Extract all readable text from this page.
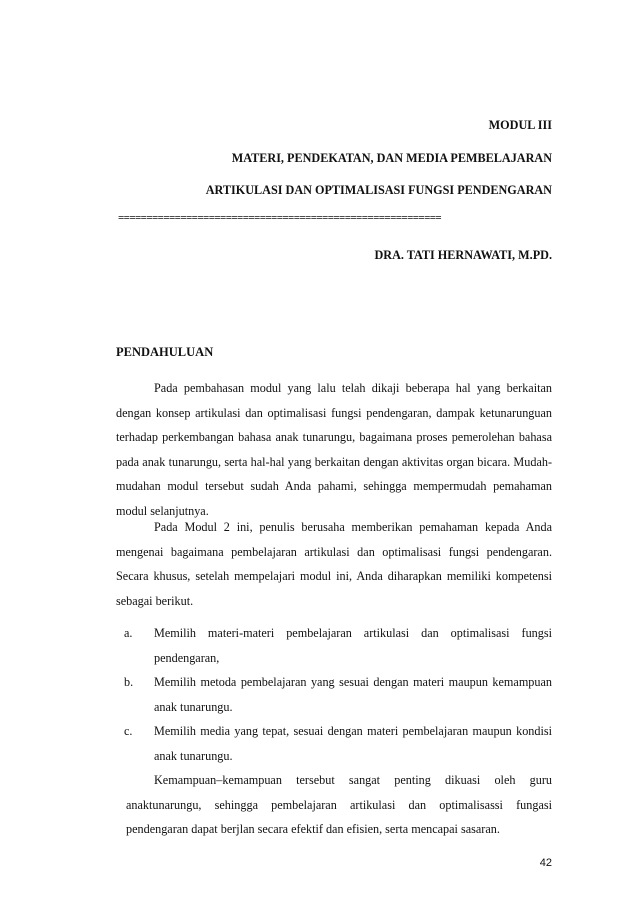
MODUL III
MATERI, PENDEKATAN, DAN MEDIA PEMBELAJARAN
ARTIKULASI DAN OPTIMALISASI FUNGSI PENDENGARAN
=========================================================
DRA. TATI HERNAWATI, M.PD.
PENDAHULUAN

Pada pembahasan modul yang lalu telah dikaji beberapa hal yang berkaitan dengan konsep artikulasi dan optimalisasi fungsi pendengaran, dampak ketunarunguan terhadap perkembangan bahasa anak tunarungu, bagaimana proses pemerolehan bahasa pada anak tunarungu, serta hal-hal yang berkaitan dengan aktivitas organ bicara. Mudah-mudahan modul tersebut sudah Anda pahami, sehingga mempermudah pemahaman modul selanjutnya.

Pada Modul 2 ini, penulis berusaha memberikan pemahaman kepada Anda mengenai bagaimana pembelajaran artikulasi dan optimalisasi fungsi pendengaran. Secara khusus, setelah mempelajari modul ini, Anda diharapkan memiliki kompetensi sebagai berikut.

a. Memilih materi-materi pembelajaran artikulasi dan optimalisasi fungsi pendengaran,
b. Memilih metoda pembelajaran yang sesuai dengan materi maupun kemampuan anak tunarungu.
c. Memilih media yang tepat, sesuai dengan materi pembelajaran maupun kondisi anak tunarungu.

Kemampuan–kemampuan tersebut sangat penting dikuasi oleh guru anaktunarungu, sehingga pembelajaran artikulasi dan optimalisassi fungasi pendengaran dapat berjlan secara efektif dan efisien, serta mencapai sasaran.

42
